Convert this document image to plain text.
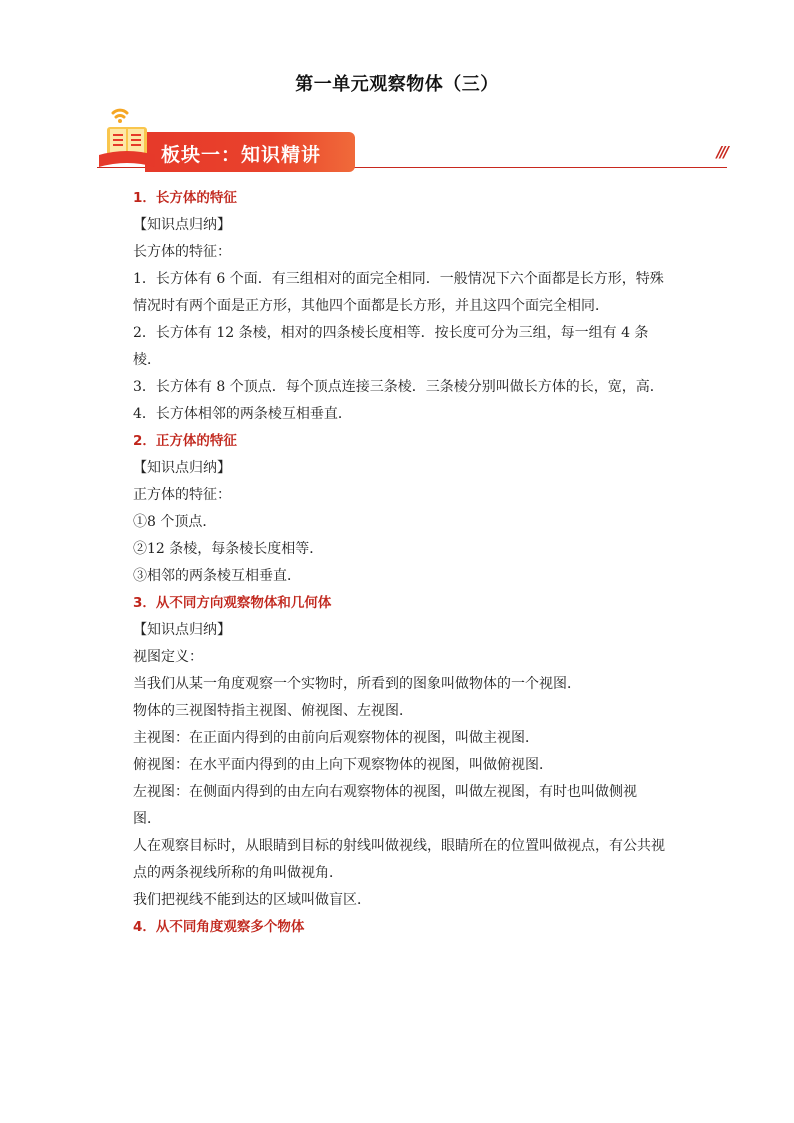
第一单元观察物体（三）
///
板块一：知识精讲
1．长方体的特征
【知识点归纳】
长方体的特征：
1．长方体有 6 个面．有三组相对的面完全相同．一般情况下六个面都是长方形，特殊
情况时有两个面是正方形，其他四个面都是长方形，并且这四个面完全相同．
2．长方体有 12 条棱，相对的四条棱长度相等．按长度可分为三组，每一组有 4 条
棱．
3．长方体有 8 个顶点．每个顶点连接三条棱．三条棱分别叫做长方体的长，宽，高．
4．长方体相邻的两条棱互相垂直．
2．正方体的特征
【知识点归纳】
正方体的特征：
①8 个顶点．
②12 条棱，每条棱长度相等．
③相邻的两条棱互相垂直．
3．从不同方向观察物体和几何体
【知识点归纳】
视图定义：
当我们从某一角度观察一个实物时，所看到的图象叫做物体的一个视图．
物体的三视图特指主视图、俯视图、左视图．
主视图：在正面内得到的由前向后观察物体的视图，叫做主视图．
俯视图：在水平面内得到的由上向下观察物体的视图，叫做俯视图．
左视图：在侧面内得到的由左向右观察物体的视图，叫做左视图，有时也叫做侧视
图．
人在观察目标时，从眼睛到目标的射线叫做视线，眼睛所在的位置叫做视点，有公共视
点的两条视线所称的角叫做视角．
我们把视线不能到达的区域叫做盲区．
4．从不同角度观察多个物体
